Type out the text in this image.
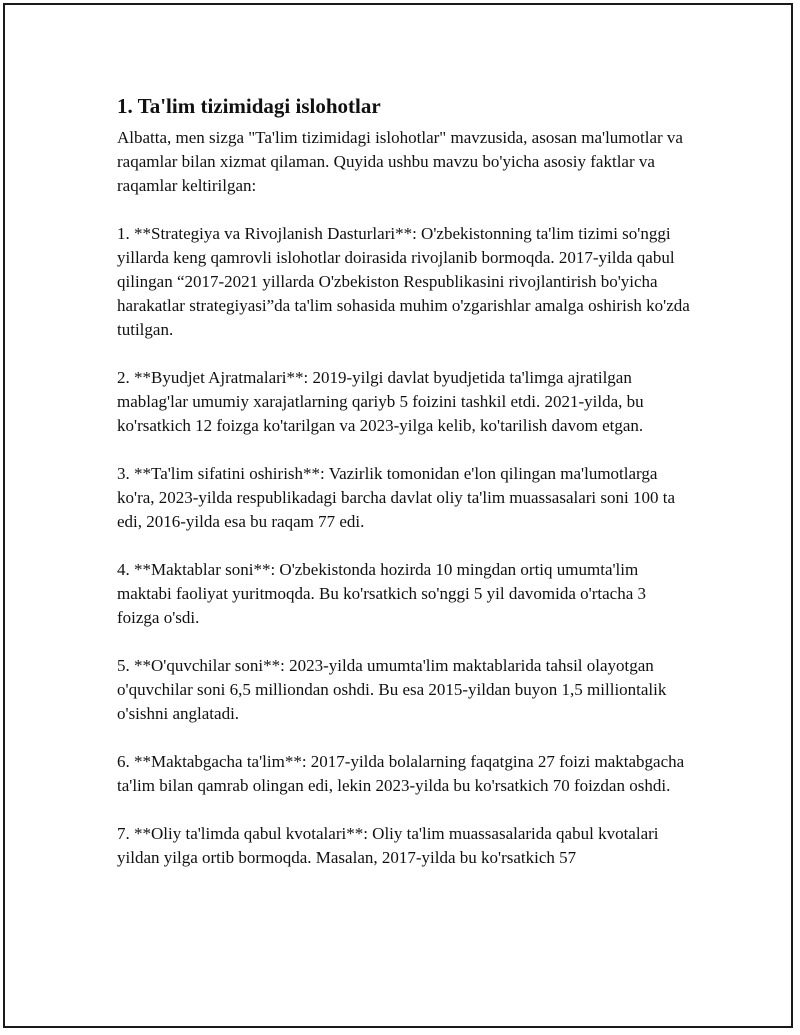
1. Ta'lim tizimidagi islohotlar

Albatta, men sizga "Ta'lim tizimidagi islohotlar" mavzusida, asosan ma'lumotlar va raqamlar bilan xizmat qilaman. Quyida ushbu mavzu bo'yicha asosiy faktlar va raqamlar keltirilgan:

1. **Strategiya va Rivojlanish Dasturlari**: O'zbekistonning ta'lim tizimi so'nggi yillarda keng qamrovli islohotlar doirasida rivojlanib bormoqda. 2017-yilda qabul qilingan “2017-2021 yillarda O'zbekiston Respublikasini rivojlantirish bo'yicha harakatlar strategiyasi”da ta'lim sohasida muhim o'zgarishlar amalga oshirish ko'zda tutilgan.

2. **Byudjet Ajratmalari**: 2019-yilgi davlat byudjetida ta'limga ajratilgan mablag'lar umumiy xarajatlarning qariyb 5 foizini tashkil etdi. 2021-yilda, bu ko'rsatkich 12 foizga ko'tarilgan va 2023-yilga kelib, ko'tarilish davom etgan.

3. **Ta'lim sifatini oshirish**: Vazirlik tomonidan e'lon qilingan ma'lumotlarga ko'ra, 2023-yilda respublikadagi barcha davlat oliy ta'lim muassasalari soni 100 ta edi, 2016-yilda esa bu raqam 77 edi.

4. **Maktablar soni**: O'zbekistonda hozirda 10 mingdan ortiq umumta'lim maktabi faoliyat yuritmoqda. Bu ko'rsatkich so'nggi 5 yil davomida o'rtacha 3 foizga o'sdi.

5. **O'quvchilar soni**: 2023-yilda umumta'lim maktablarida tahsil olayotgan o'quvchilar soni 6,5 milliondan oshdi. Bu esa 2015-yildan buyon 1,5 milliontalik o'sishni anglatadi.

6. **Maktabgacha ta'lim**: 2017-yilda bolalarning faqatgina 27 foizi maktabgacha ta'lim bilan qamrab olingan edi, lekin 2023-yilda bu ko'rsatkich 70 foizdan oshdi.

7. **Oliy ta'limda qabul kvotalari**: Oliy ta'lim muassasalarida qabul kvotalari yildan yilga ortib bormoqda. Masalan, 2017-yilda bu ko'rsatkich 57
